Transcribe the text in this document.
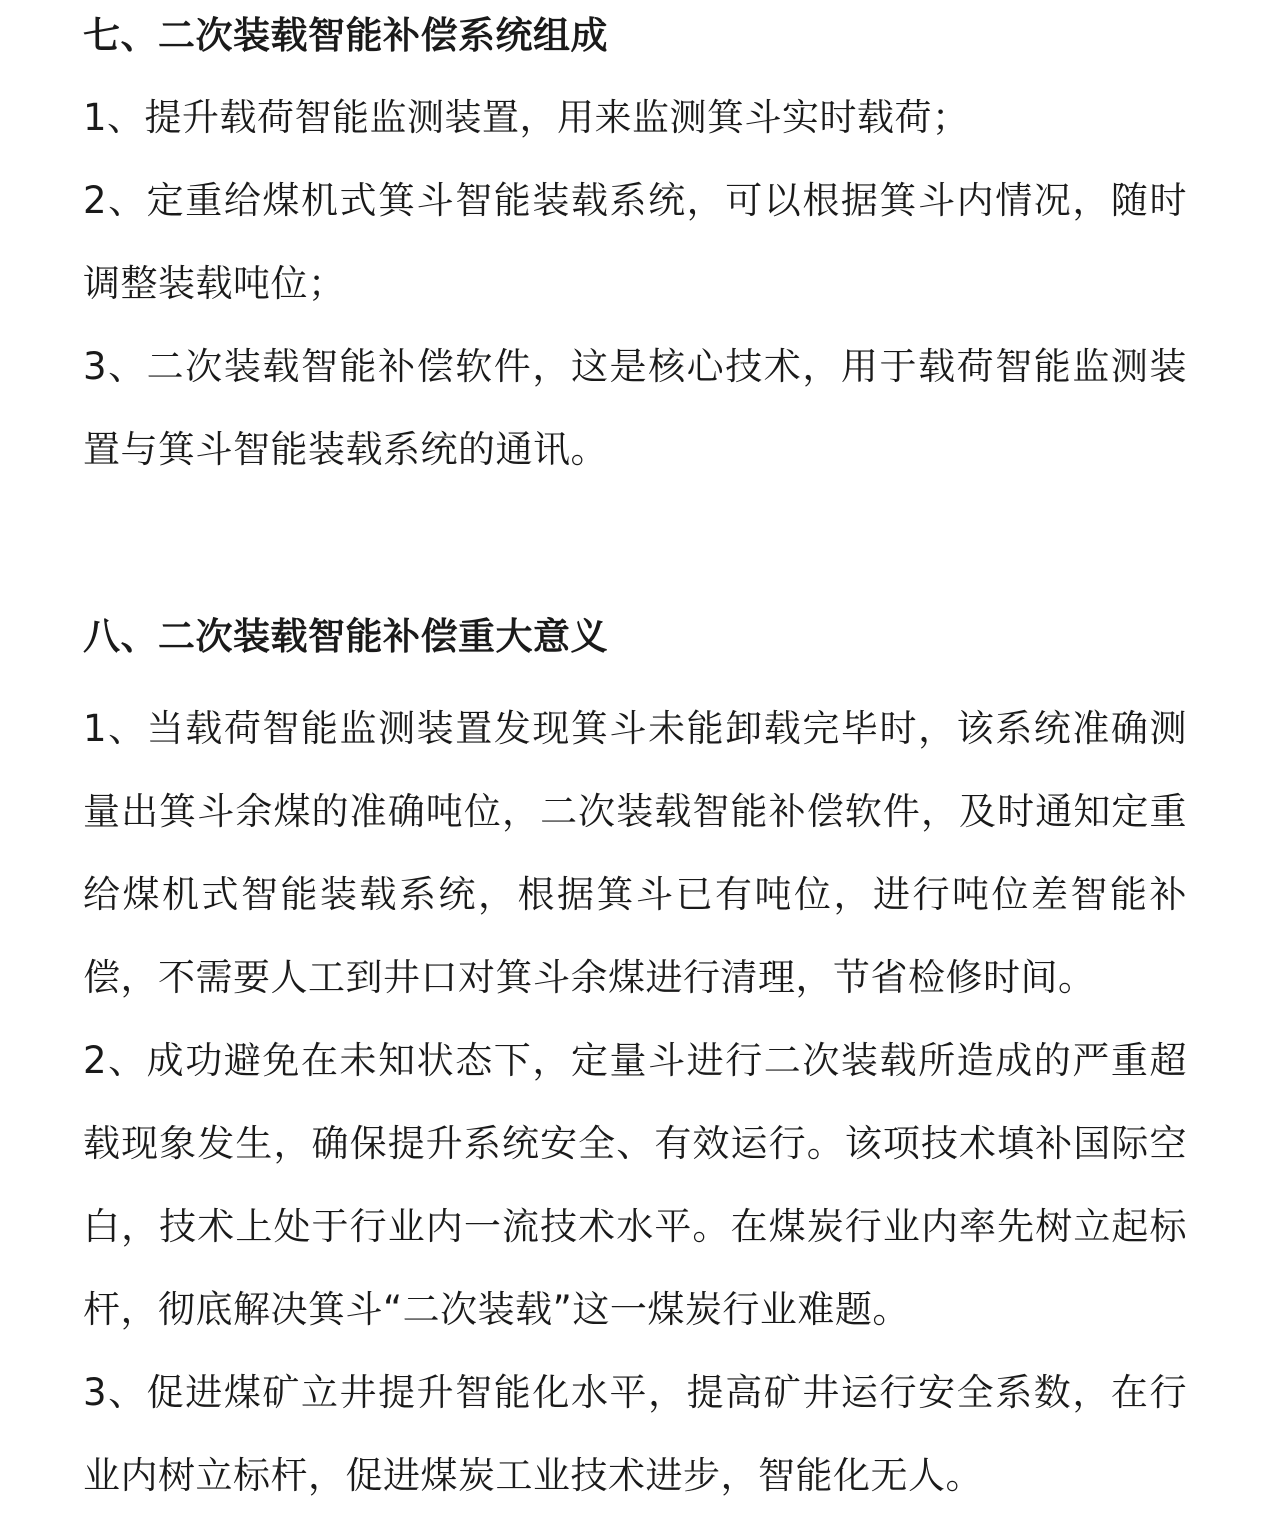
七、二次装载智能补偿系统组成

1、提升载荷智能监测装置，用来监测箕斗实时载荷；

2、定重给煤机式箕斗智能装载系统，可以根据箕斗内情况，随时调整装载吨位；

3、二次装载智能补偿软件，这是核心技术，用于载荷智能监测装置与箕斗智能装载系统的通讯。

八、二次装载智能补偿重大意义

1、当载荷智能监测装置发现箕斗未能卸载完毕时，该系统准确测量出箕斗余煤的准确吨位，二次装载智能补偿软件，及时通知定重给煤机式智能装载系统，根据箕斗已有吨位，进行吨位差智能补偿，不需要人工到井口对箕斗余煤进行清理，节省检修时间。

2、成功避免在未知状态下，定量斗进行二次装载所造成的严重超载现象发生，确保提升系统安全、有效运行。该项技术填补国际空白，技术上处于行业内一流技术水平。在煤炭行业内率先树立起标杆，彻底解决箕斗“二次装载”这一煤炭行业难题。

3、促进煤矿立井提升智能化水平，提高矿井运行安全系数，在行业内树立标杆，促进煤炭工业技术进步，智能化无人。
